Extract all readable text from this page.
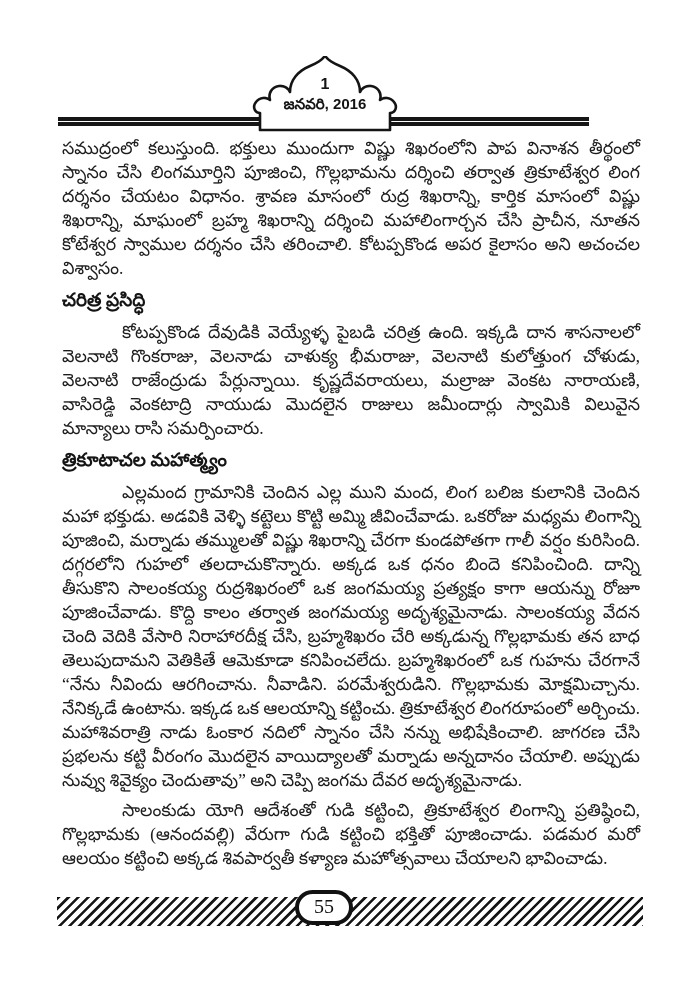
1
జనవరి, 2016

సముద్రంలో కలుస్తుంది. భక్తులు ముందుగా విష్ణు శిఖరంలోని పాప వినాశన తీర్థంలో స్నానం చేసి లింగమూర్తిని పూజించి, గొల్లభామను దర్శించి తర్వాత త్రికూటేశ్వర లింగ దర్శనం చేయటం విధానం. శ్రావణ మాసంలో రుద్ర శిఖరాన్ని, కార్తిక మాసంలో విష్ణు శిఖరాన్ని, మాఘంలో బ్రహ్మ శిఖరాన్ని దర్శించి మహాలింగార్చన చేసి ప్రాచీన, నూతన కోటేశ్వర స్వాముల దర్శనం చేసి తరించాలి. కోటప్పకొండ అపర కైలాసం అని అచంచల విశ్వాసం.

చరిత్ర ప్రసిద్ధి

కోటప్పకొండ దేవుడికి వెయ్యేళ్ళ పైబడి చరిత్ర ఉంది. ఇక్కడి దాన శాసనాలలో వెలనాటి గొంకరాజు, వెలనాడు చాళుక్య భీమరాజు, వెలనాటి కులోత్తుంగ చోళుడు, వెలనాటి రాజేంద్రుడు పేర్లున్నాయి. కృష్ణదేవరాయలు, మల్రాజు వెంకట నారాయణి, వాసిరెడ్డి వెంకటాద్రి నాయుడు మొదలైన రాజులు జమీందార్లు స్వామికి విలువైన మాన్యాలు రాసి సమర్పించారు.

త్రికూటాచల మహాత్మ్యం

ఎల్లమంద గ్రామానికి చెందిన ఎల్ల ముని మంద, లింగ బలిజ కులానికి చెందిన మహా భక్తుడు. అడవికి వెళ్ళి కట్టెలు కొట్టి అమ్మి జీవించేవాడు. ఒకరోజు మధ్యమ లింగాన్ని పూజించి, మర్నాడు తమ్ములతో విష్ణు శిఖరాన్ని చేరగా కుండపోతగా గాలీ వర్షం కురిసింది. దగ్గరలోని గుహలో తలదాచుకొన్నారు. అక్కడ ఒక ధనం బిందె కనిపించింది. దాన్ని తీసుకొని సాలంకయ్య రుద్రశిఖరంలో ఒక జంగమయ్య ప్రత్యక్షం కాగా ఆయన్ను రోజూ పూజించేవాడు. కొద్ది కాలం తర్వాత జంగమయ్య అదృశ్యమైనాడు. సాలంకయ్య వేదన చెంది వెదికి వేసారి నిరాహారదీక్ష చేసి, బ్రహ్మశిఖరం చేరి అక్కడున్న గొల్లభామకు తన బాధ తెలుపుదామని వెతికితే ఆమెకూడా కనిపించలేదు. బ్రహ్మశిఖరంలో ఒక గుహను చేరగానే “నేను నీవిందు ఆరగించాను. నీవాడిని. పరమేశ్వరుడిని. గొల్లభామకు మోక్షమిచ్చాను. నేనిక్కడే ఉంటాను. ఇక్కడ ఒక ఆలయాన్ని కట్టించు. త్రికూటేశ్వర లింగరూపంలో అర్చించు. మహాశివరాత్రి నాడు ఓంకార నదిలో స్నానం చేసి నన్ను అభిషేకించాలి. జాగరణ చేసి ప్రభలను కట్టి వీరంగం మొదలైన వాయిద్యాలతో మర్నాడు అన్నదానం చేయాలి. అప్పుడు నువ్వు శివైక్యం చెందుతావు” అని చెప్పి జంగమ దేవర అదృశ్యమైనాడు.

సాలంకుడు యోగి ఆదేశంతో గుడి కట్టించి, త్రికూటేశ్వర లింగాన్ని ప్రతిష్ఠించి, గొల్లభామకు (ఆనందవల్లి) వేరుగా గుడి కట్టించి భక్తితో పూజించాడు. పడమర మరో ఆలయం కట్టించి అక్కడ శివపార్వతీ కళ్యాణ మహోత్సవాలు చేయాలని భావించాడు.

55
